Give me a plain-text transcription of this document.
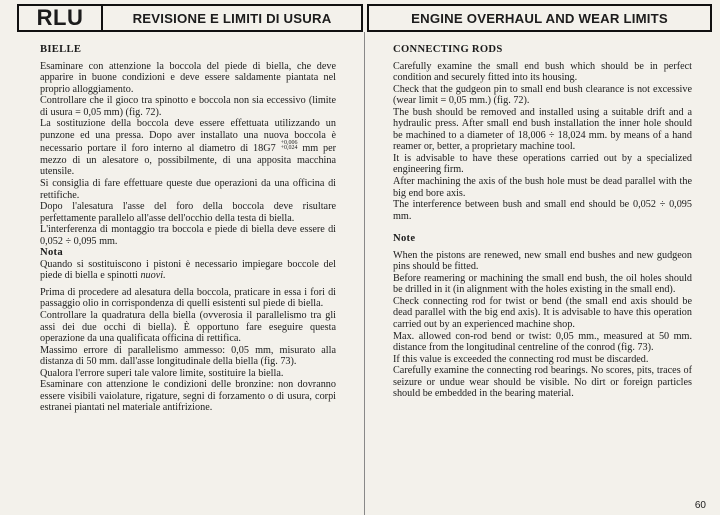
RLU	REVISIONE E LIMITI DI USURA	ENGINE OVERHAUL AND WEAR LIMITS
BIELLE

Esaminare con attenzione la boccola del piede di biella, che deve apparire in buone condizioni e deve essere saldamente piantata nel proprio alloggiamento.

Controllare che il gioco tra spinotto e boccola non sia eccessivo (limite di usura = 0,05 mm) (fig. 72).

La sostituzione della boccola deve essere effettuata utilizzando un punzone ed una pressa. Dopo aver installato una nuova boccola è necessario portare il foro interno al diametro di 18G7 +0,006
+0,024 mm per mezzo di un alesatore o, possibilmente, di una apposita macchina utensile.

Si consiglia di fare effettuare queste due operazioni da una officina di rettifiche.

Dopo l'alesatura l'asse del foro della boccola deve risultare perfettamente parallelo all'asse dell'occhio della testa di biella.

L'interferenza di montaggio tra boccola e piede di biella deve essere di 0,052 ÷ 0,095 mm.

Nota

Quando si sostituiscono i pistoni è necessario impiegare boccole del piede di biella e spinotti nuovi.

Prima di procedere ad alesatura della boccola, praticare in essa i fori di passaggio olio in corrispondenza di quelli esistenti sul piede di biella.

Controllare la quadratura della biella (ovverosia il parallelismo tra gli assi dei due occhi di biella). È opportuno fare eseguire questa operazione da una qualificata officina di rettifica.

Massimo errore di parallelismo ammesso: 0,05 mm, misurato alla distanza di 50 mm. dall'asse longitudinale della biella (fig. 73).

Qualora l'errore superi tale valore limite, sostituire la biella.

Esaminare con attenzione le condizioni delle bronzine: non dovranno essere visibili vaiolature, rigature, segni di forzamento o di usura, corpi estranei piantati nel materiale antifrizione.

CONNECTING RODS

Carefully examine the small end bush which should be in perfect condition and securely fitted into its housing.

Check that the gudgeon pin to small end bush clearance is not excessive (wear limit = 0,05 mm.) (fig. 72).

The bush should be removed and installed using a suitable drift and a hydraulic press. After small end bush installation the inner hole should be machined to a diameter of 18,006 ÷ 18,024 mm. by means of a hand reamer or, better, a proprietary machine tool.

It is advisable to have these operations carried out by a specialized engineering firm.

After machining the axis of the bush hole must be dead parallel with the big end bore axis.

The interference between bush and small end should be 0,052 ÷ 0,095 mm.

Note

When the pistons are renewed, new small end bushes and new gudgeon pins should be fitted.

Before reamering or machining the small end bush, the oil holes should be drilled in it (in alignment with the holes existing in the small end).

Check connecting rod for twist or bend (the small end axis should be dead parallel with the big end axis). It is advisable to have this operation carried out by an experienced machine shop.

Max. allowed con-rod bend or twist: 0,05 mm., measured at 50 mm. distance from the longitudinal centreline of the conrod (fig. 73).

If this value is exceeded the connecting rod must be discarded.

Carefully examine the connecting rod bearings. No scores, pits, traces of seizure or undue wear should be visible. No dirt or foreign particles should be embedded in the bearing material.

60
